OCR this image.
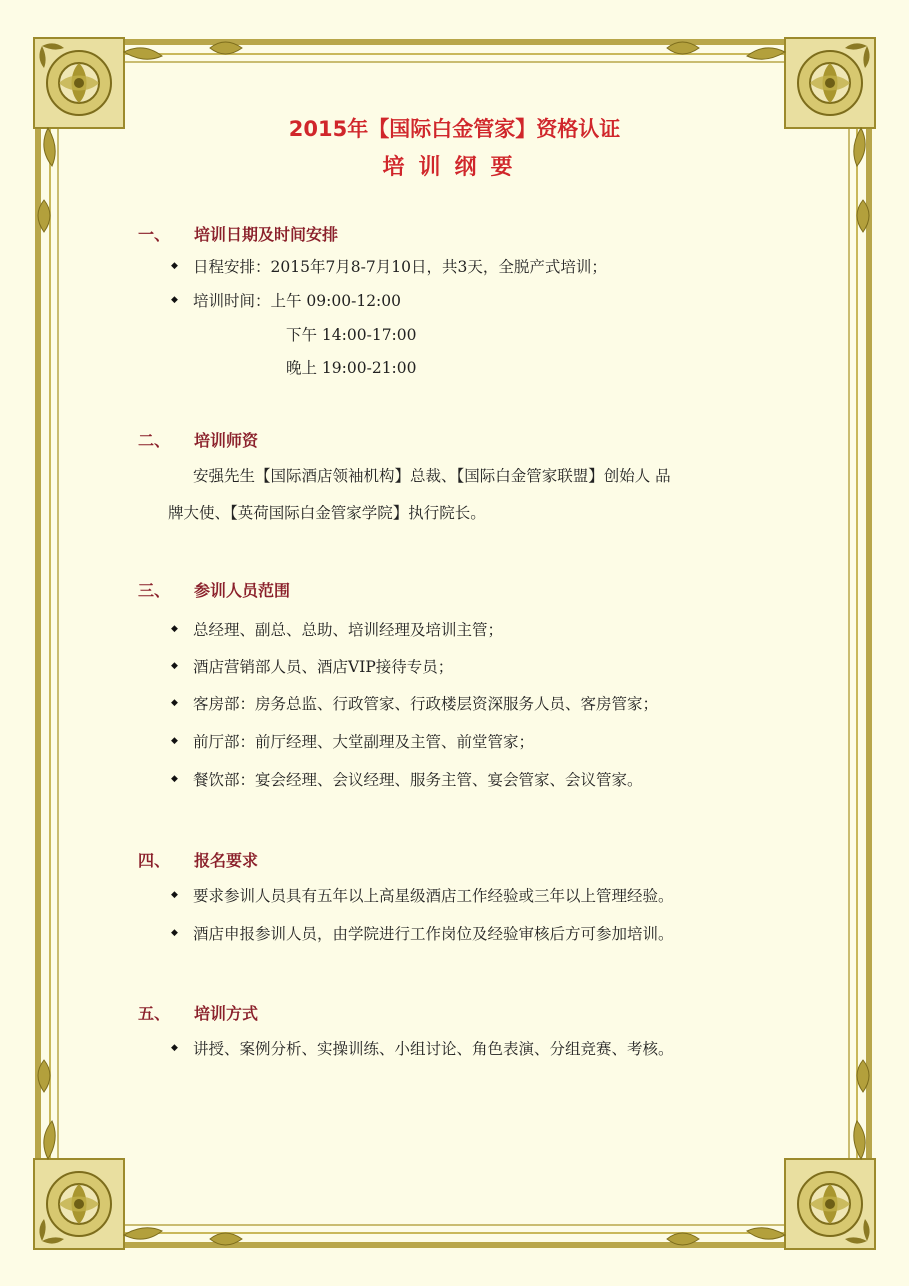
2015年【国际白金管家】资格认证
培训纲要
一、 培训日期及时间安排
◆ 日程安排：2015年7月8-7月10日，共3天，全脱产式培训；
◆ 培训时间：上午 09:00-12:00
下午 14:00-17:00
晚上 19:00-21:00
二、 培训师资
安强先生【国际酒店领袖机构】总裁、【国际白金管家联盟】创始人 品
牌大使、【英荷国际白金管家学院】执行院长。
三、 参训人员范围
◆ 总经理、副总、总助、培训经理及培训主管；
◆ 酒店营销部人员、酒店VIP接待专员；
◆ 客房部：房务总监、行政管家、行政楼层资深服务人员、客房管家；
◆ 前厅部：前厅经理、大堂副理及主管、前堂管家；
◆ 餐饮部：宴会经理、会议经理、服务主管、宴会管家、会议管家。
四、 报名要求
◆ 要求参训人员具有五年以上高星级酒店工作经验或三年以上管理经验。
◆ 酒店申报参训人员，由学院进行工作岗位及经验审核后方可参加培训。
五、 培训方式
◆ 讲授、案例分析、实操训练、小组讨论、角色表演、分组竞赛、考核。
